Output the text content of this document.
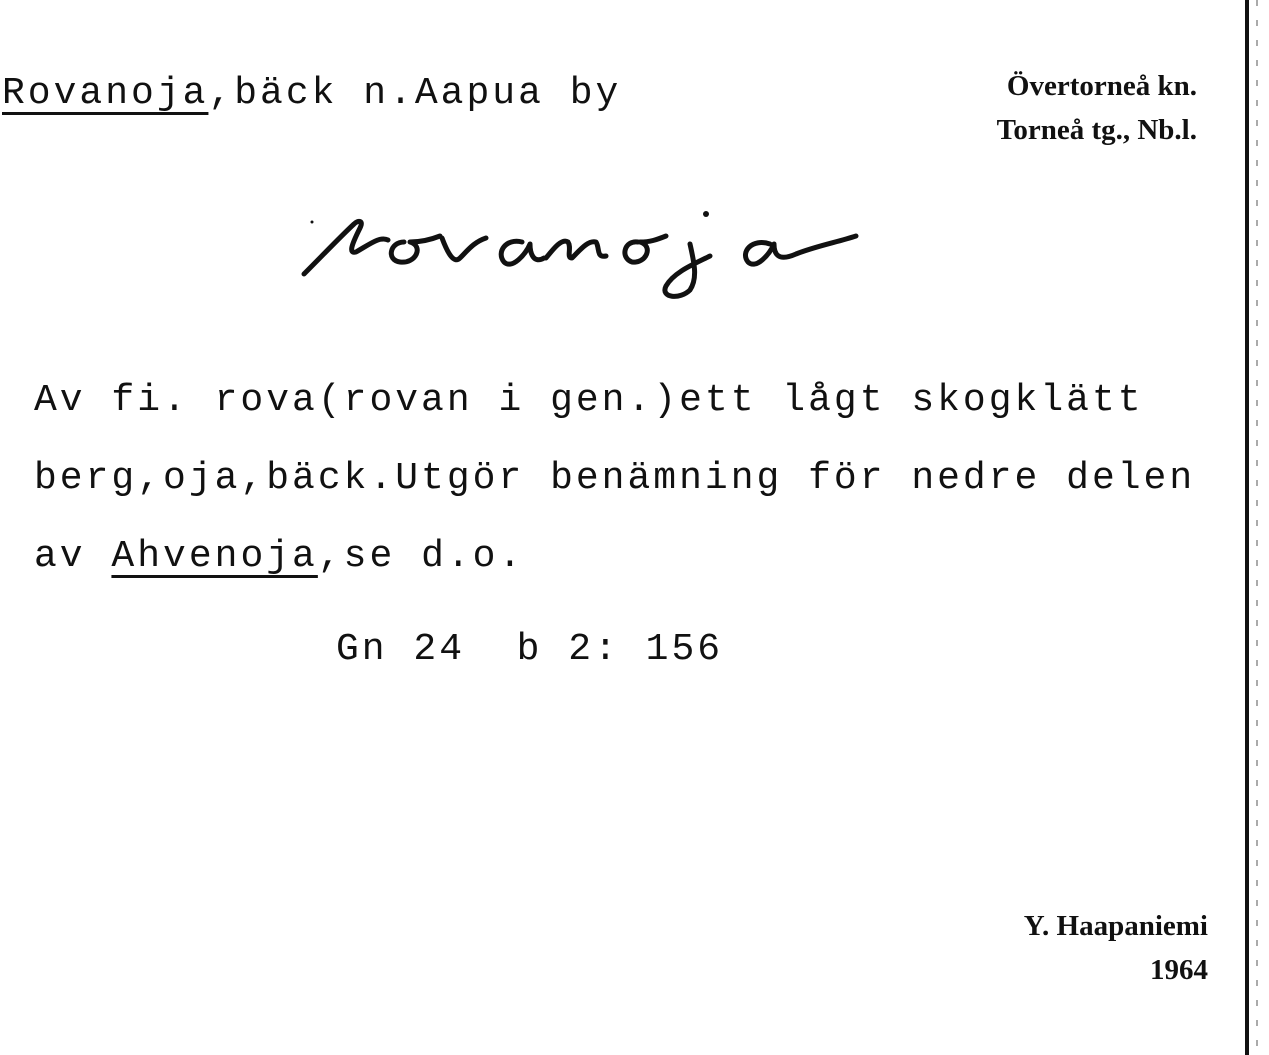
Rovanoja,bäck n.Aapua by	Övertorneå kn.
Torneå tg., Nb.l.
Av fi. rova(rovan i gen.)ett lågt skogklätt
berg,oja,bäck.Utgör benämning för nedre delen
av Ahvenoja,se d.o.
Gn 24  b 2: 156
Y. Haapaniemi
1964
